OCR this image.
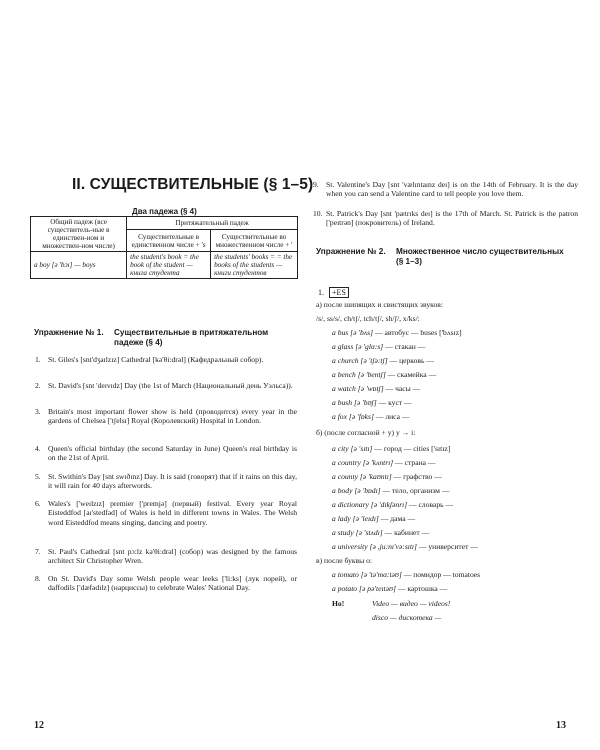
II. СУЩЕСТВИТЕЛЬНЫЕ (§ 1–5)
Два падежа (§ 4)
Общий падеж (все существитель-ные в единствен-ном и множествен-ном числе)	Притяжательный падеж	
	Существительные в единственном числе + 's	Существительные во множественном числе + '
a boy [ə 'bɔɪ] — boys	the student's book = the book of the student — книга студента	the students' books = = the books of the students — книги студентов
Упражнение № 1. Существительные в притяжательном падеже (§ 4)
1. St. Giles's [snt'dʒaɪlzɪz] Cathedral [kə'θi:drəl] (Кафедральный собор).
2. St. David's [snt 'deɪvɪdz] Day (the 1st of March (Национальный день Уэльса)).
3. Britain's most important flower show is held (проводится) every year in the gardens of Chelsea ['tʃelsɪ] Royal (Королевский) Hospital in London.
4. Queen's official birthday (the second Saturday in June) Queen's real birthday is on the 21st of April.
5. St. Swithin's Day [snt swɪðɪnz] Day. It is said (говорят) that if it rains on this day, it will rain for 40 days afterwords.
6. Wales's ['weɪlzɪz] premier ['premjə] (первый) festival. Every year Royal Eisteddfod [aɪ'stedfəd] of Wales is held in different towns in Wales. The Welsh word Eisteddfod means singing, dancing and poetry.
7. St. Paul's Cathedral [snt pɔ:lz kə'θi:drəl] (собор) was designed by the famous architect Sir Christopher Wren.
8. On St. David's Day some Welsh people wear leeks ['li:ks] (лук порей), or daffodils ['dæfədɪlz] (нарциссы) to celebrate Wales' National Day.
12
9. St. Valentine's Day [snt 'vælɪntaɪnz deɪ] is on the 14th of February. It is the day when you can send a Valentine card to tell people you love them.
10. St. Patrick's Day [snt 'pætrɪks deɪ] is the 17th of March. St. Patrick is the patron ['peɪtrən] (покровитель) of Ireland.
Упражнение № 2. Множественное число существительных (§ 1–3)
1. +ES
а) после шипящих и свистящих звуков:
/s/, ss/s/, ch/tʃ/, tch/tʃ/, sh/ʃ/, x/ks/:
a bus [ə 'bʌs] — автобус — buses ['bʌsɪz]
a glass [ə 'glɑ:s] — стакан —
a church [ə 'tʃə:tʃ] — церковь —
a bench [ə 'bentʃ] — скамейка —
a watch [ə 'wɒtʃ] — часы —
a bush [ə 'bʊʃ] — куст —
a fox [ə 'fɒks] — лиса —
б) (после согласной + y) y → i:
a city [ə 'sɪtɪ] — город — cities ['sɪtɪz]
a country [ə 'kʌntrɪ] — страна —
a county [ə 'kaʊntɪ] — графство —
a body [ə 'bɒdɪ] — тело, организм —
a dictionary [ə 'dɪkʃənrɪ] — словарь —
a lady [ə 'leɪdɪ] — дама —
a study [ə 'stʌdɪ] — кабинет —
a university [ə ,ju:nɪ'və:sɪtɪ] — университет —
в) после буквы o:
a tomato [ə 'tə'mɑ:təʊ] — помидор — tomatoes
a potato [ə pə'teɪtəʊ] — картошка —
Ho!	Video — видео — videos!
disco — дискотека —
13
